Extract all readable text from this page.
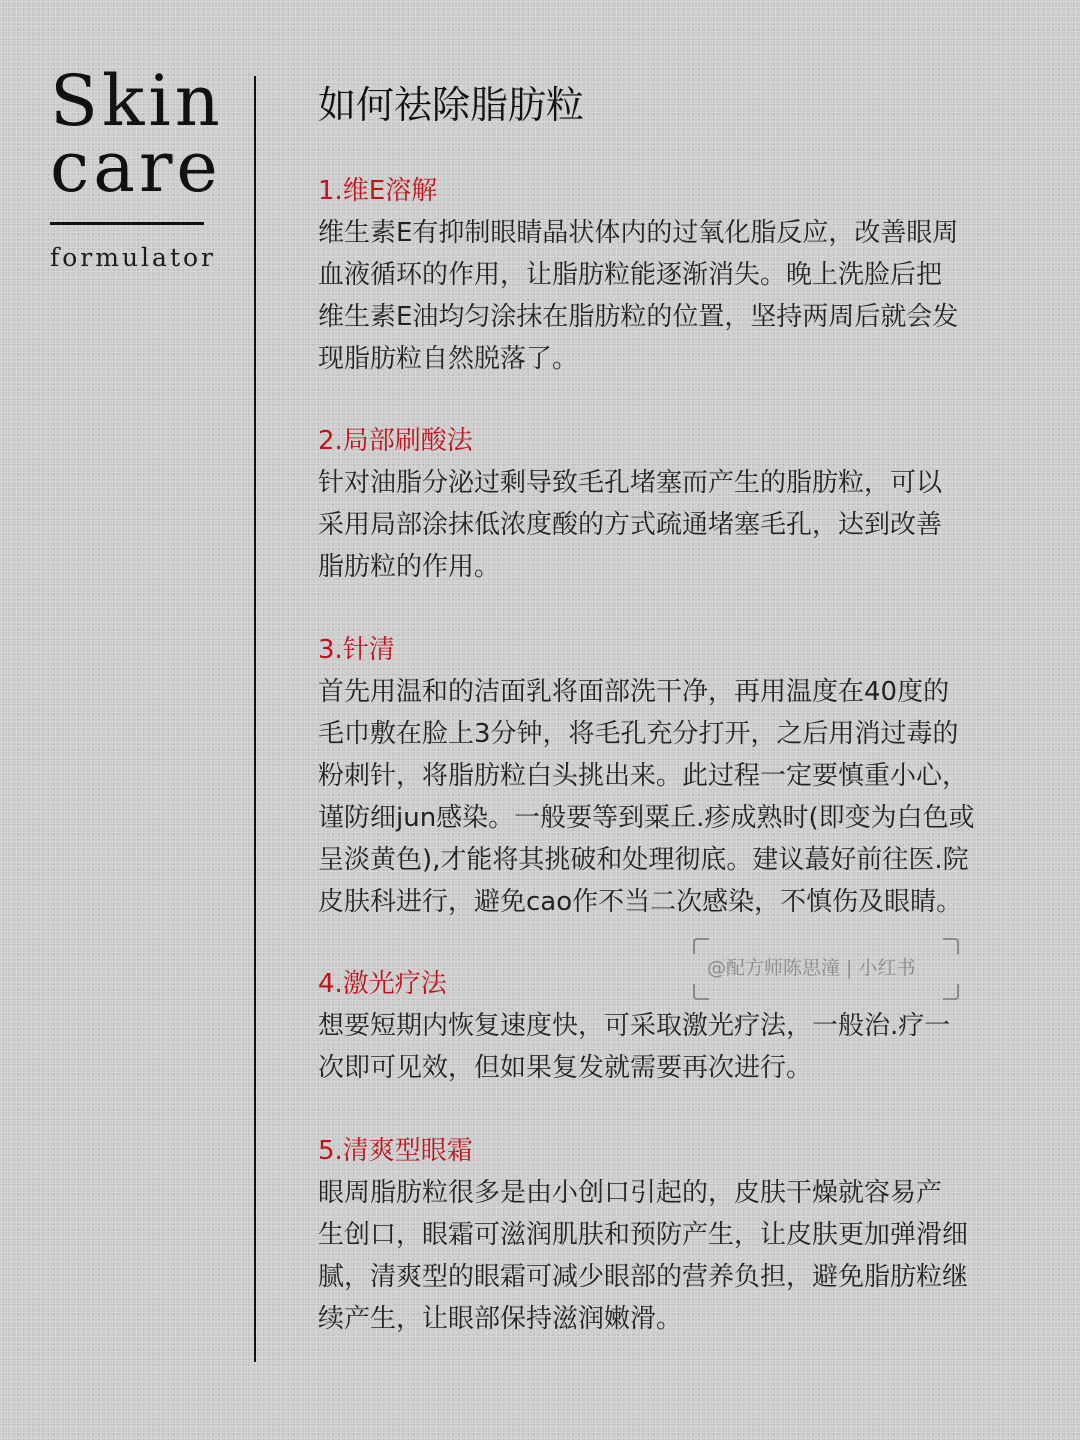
Skin
care
formulator
如何祛除脂肪粒
1.维E溶解
维生素E有抑制眼睛晶状体内的过氧化脂反应，改善眼周
血液循环的作用，让脂肪粒能逐渐消失。晚上洗脸后把
维生素E油均匀涂抹在脂肪粒的位置，坚持两周后就会发
现脂肪粒自然脱落了。
2.局部刷酸法
针对油脂分泌过剩导致毛孔堵塞而产生的脂肪粒，可以
采用局部涂抹低浓度酸的方式疏通堵塞毛孔，达到改善
脂肪粒的作用。
3.针清
首先用温和的洁面乳将面部洗干净，再用温度在40度的
毛巾敷在脸上3分钟，将毛孔充分打开，之后用消过毒的
粉刺针，将脂肪粒白头挑出来。此过程一定要慎重小心，
谨防细jun感染。一般要等到粟丘.疹成熟时(即变为白色或
呈淡黄色),才能将其挑破和处理彻底。建议蕞好前往医.院
皮肤科进行，避免cao作不当二次感染，不慎伤及眼睛。
@配方师陈思潼 | 小红书
4.激光疗法
想要短期内恢复速度快，可采取激光疗法，一般治.疗一
次即可见效，但如果复发就需要再次进行。
5.清爽型眼霜
眼周脂肪粒很多是由小创口引起的，皮肤干燥就容易产
生创口，眼霜可滋润肌肤和预防产生，让皮肤更加弹滑细
腻，清爽型的眼霜可减少眼部的营养负担，避免脂肪粒继
续产生，让眼部保持滋润嫩滑。
